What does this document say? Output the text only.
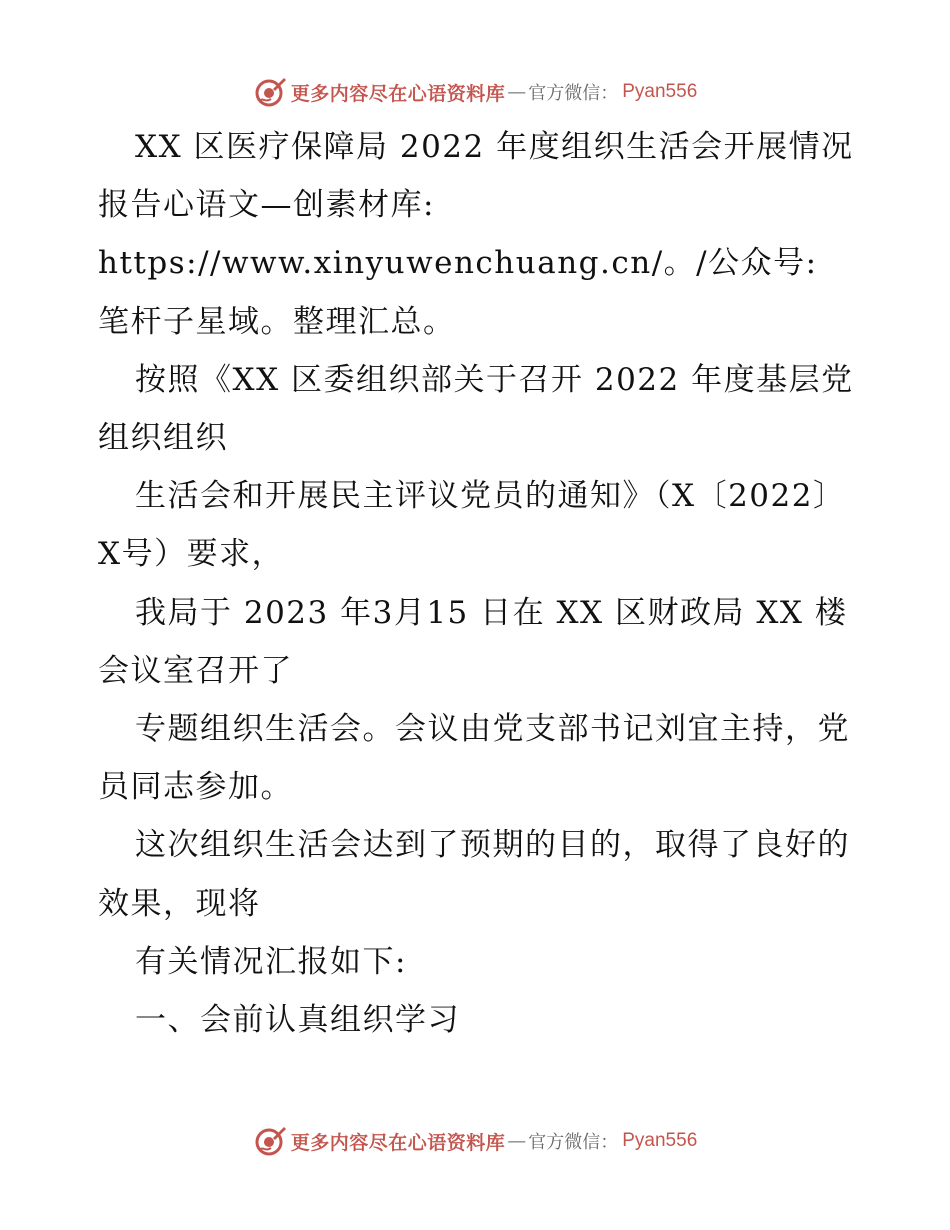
更多内容尽在心语资料库 — 官方微信： Pyan556

XX 区医疗保障局 2022 年度组织生活会开展情况报告心语文—创素材库: https://www.xinyuwenchuang.cn/。/公众号: 笔杆子星域。整理汇总。

按照《XX 区委组织部关于召开 2022 年度基层党组织组织

生活会和开展民主评议党员的通知》（X〔2022〕X号）要求，

我局于 2023 年3月15 日在 XX 区财政局 XX 楼会议室召开了

专题组织生活会。会议由党支部书记刘宜主持，党员同志参加。

这次组织生活会达到了预期的目的，取得了良好的效果，现将

有关情况汇报如下:

一、会前认真组织学习

更多内容尽在心语资料库 — 官方微信： Pyan556
